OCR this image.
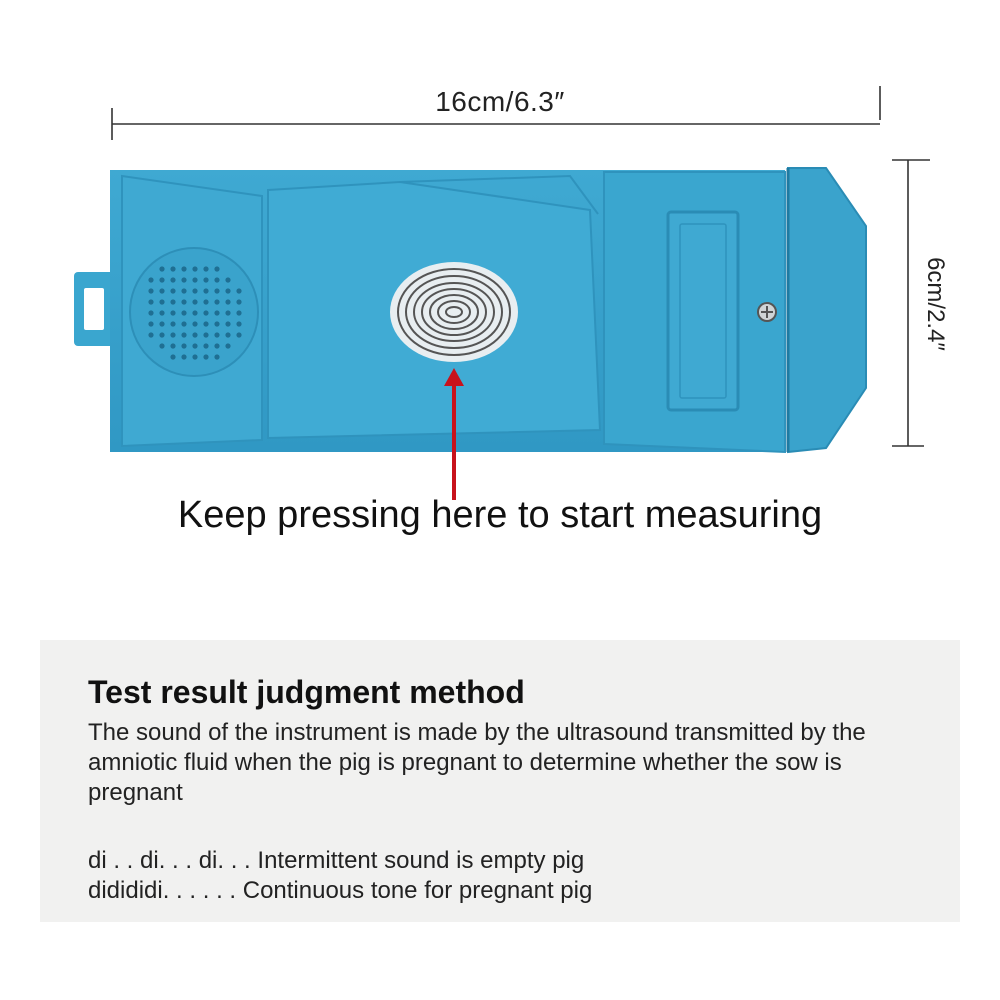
16cm/6.3″
6cm/2.4″
Keep pressing here to start measuring
Test result judgment method

The sound of the instrument is made by the ultrasound transmitted by the amniotic fluid when the pig is pregnant to determine whether the sow is pregnant

di . . di. . . di. . . Intermittent sound is empty pig
didididi. . . . . . Continuous tone for pregnant pig
